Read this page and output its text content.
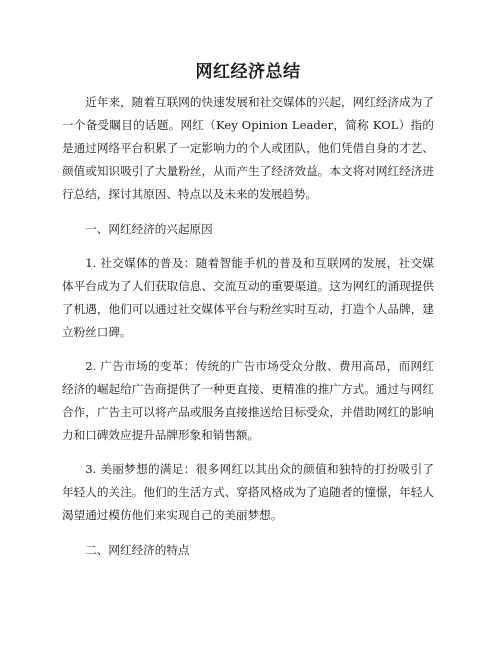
网红经济总结

近年来，随着互联网的快速发展和社交媒体的兴起，网红经济成为了一个备受瞩目的话题。网红（Key Opinion Leader，简称 KOL）指的是通过网络平台积累了一定影响力的个人或团队，他们凭借自身的才艺、颜值或知识吸引了大量粉丝，从而产生了经济效益。本文将对网红经济进行总结，探讨其原因、特点以及未来的发展趋势。

一、网红经济的兴起原因

1. 社交媒体的普及：随着智能手机的普及和互联网的发展，社交媒体平台成为了人们获取信息、交流互动的重要渠道。这为网红的涌现提供了机遇，他们可以通过社交媒体平台与粉丝实时互动，打造个人品牌，建立粉丝口碑。

2. 广告市场的变革：传统的广告市场受众分散、费用高昂，而网红经济的崛起给广告商提供了一种更直接、更精准的推广方式。通过与网红合作，广告主可以将产品或服务直接推送给目标受众，并借助网红的影响力和口碑效应提升品牌形象和销售额。

3. 美丽梦想的满足：很多网红以其出众的颜值和独特的打扮吸引了年轻人的关注。他们的生活方式、穿搭风格成为了追随者的憧憬，年轻人渴望通过模仿他们来实现自己的美丽梦想。

二、网红经济的特点
